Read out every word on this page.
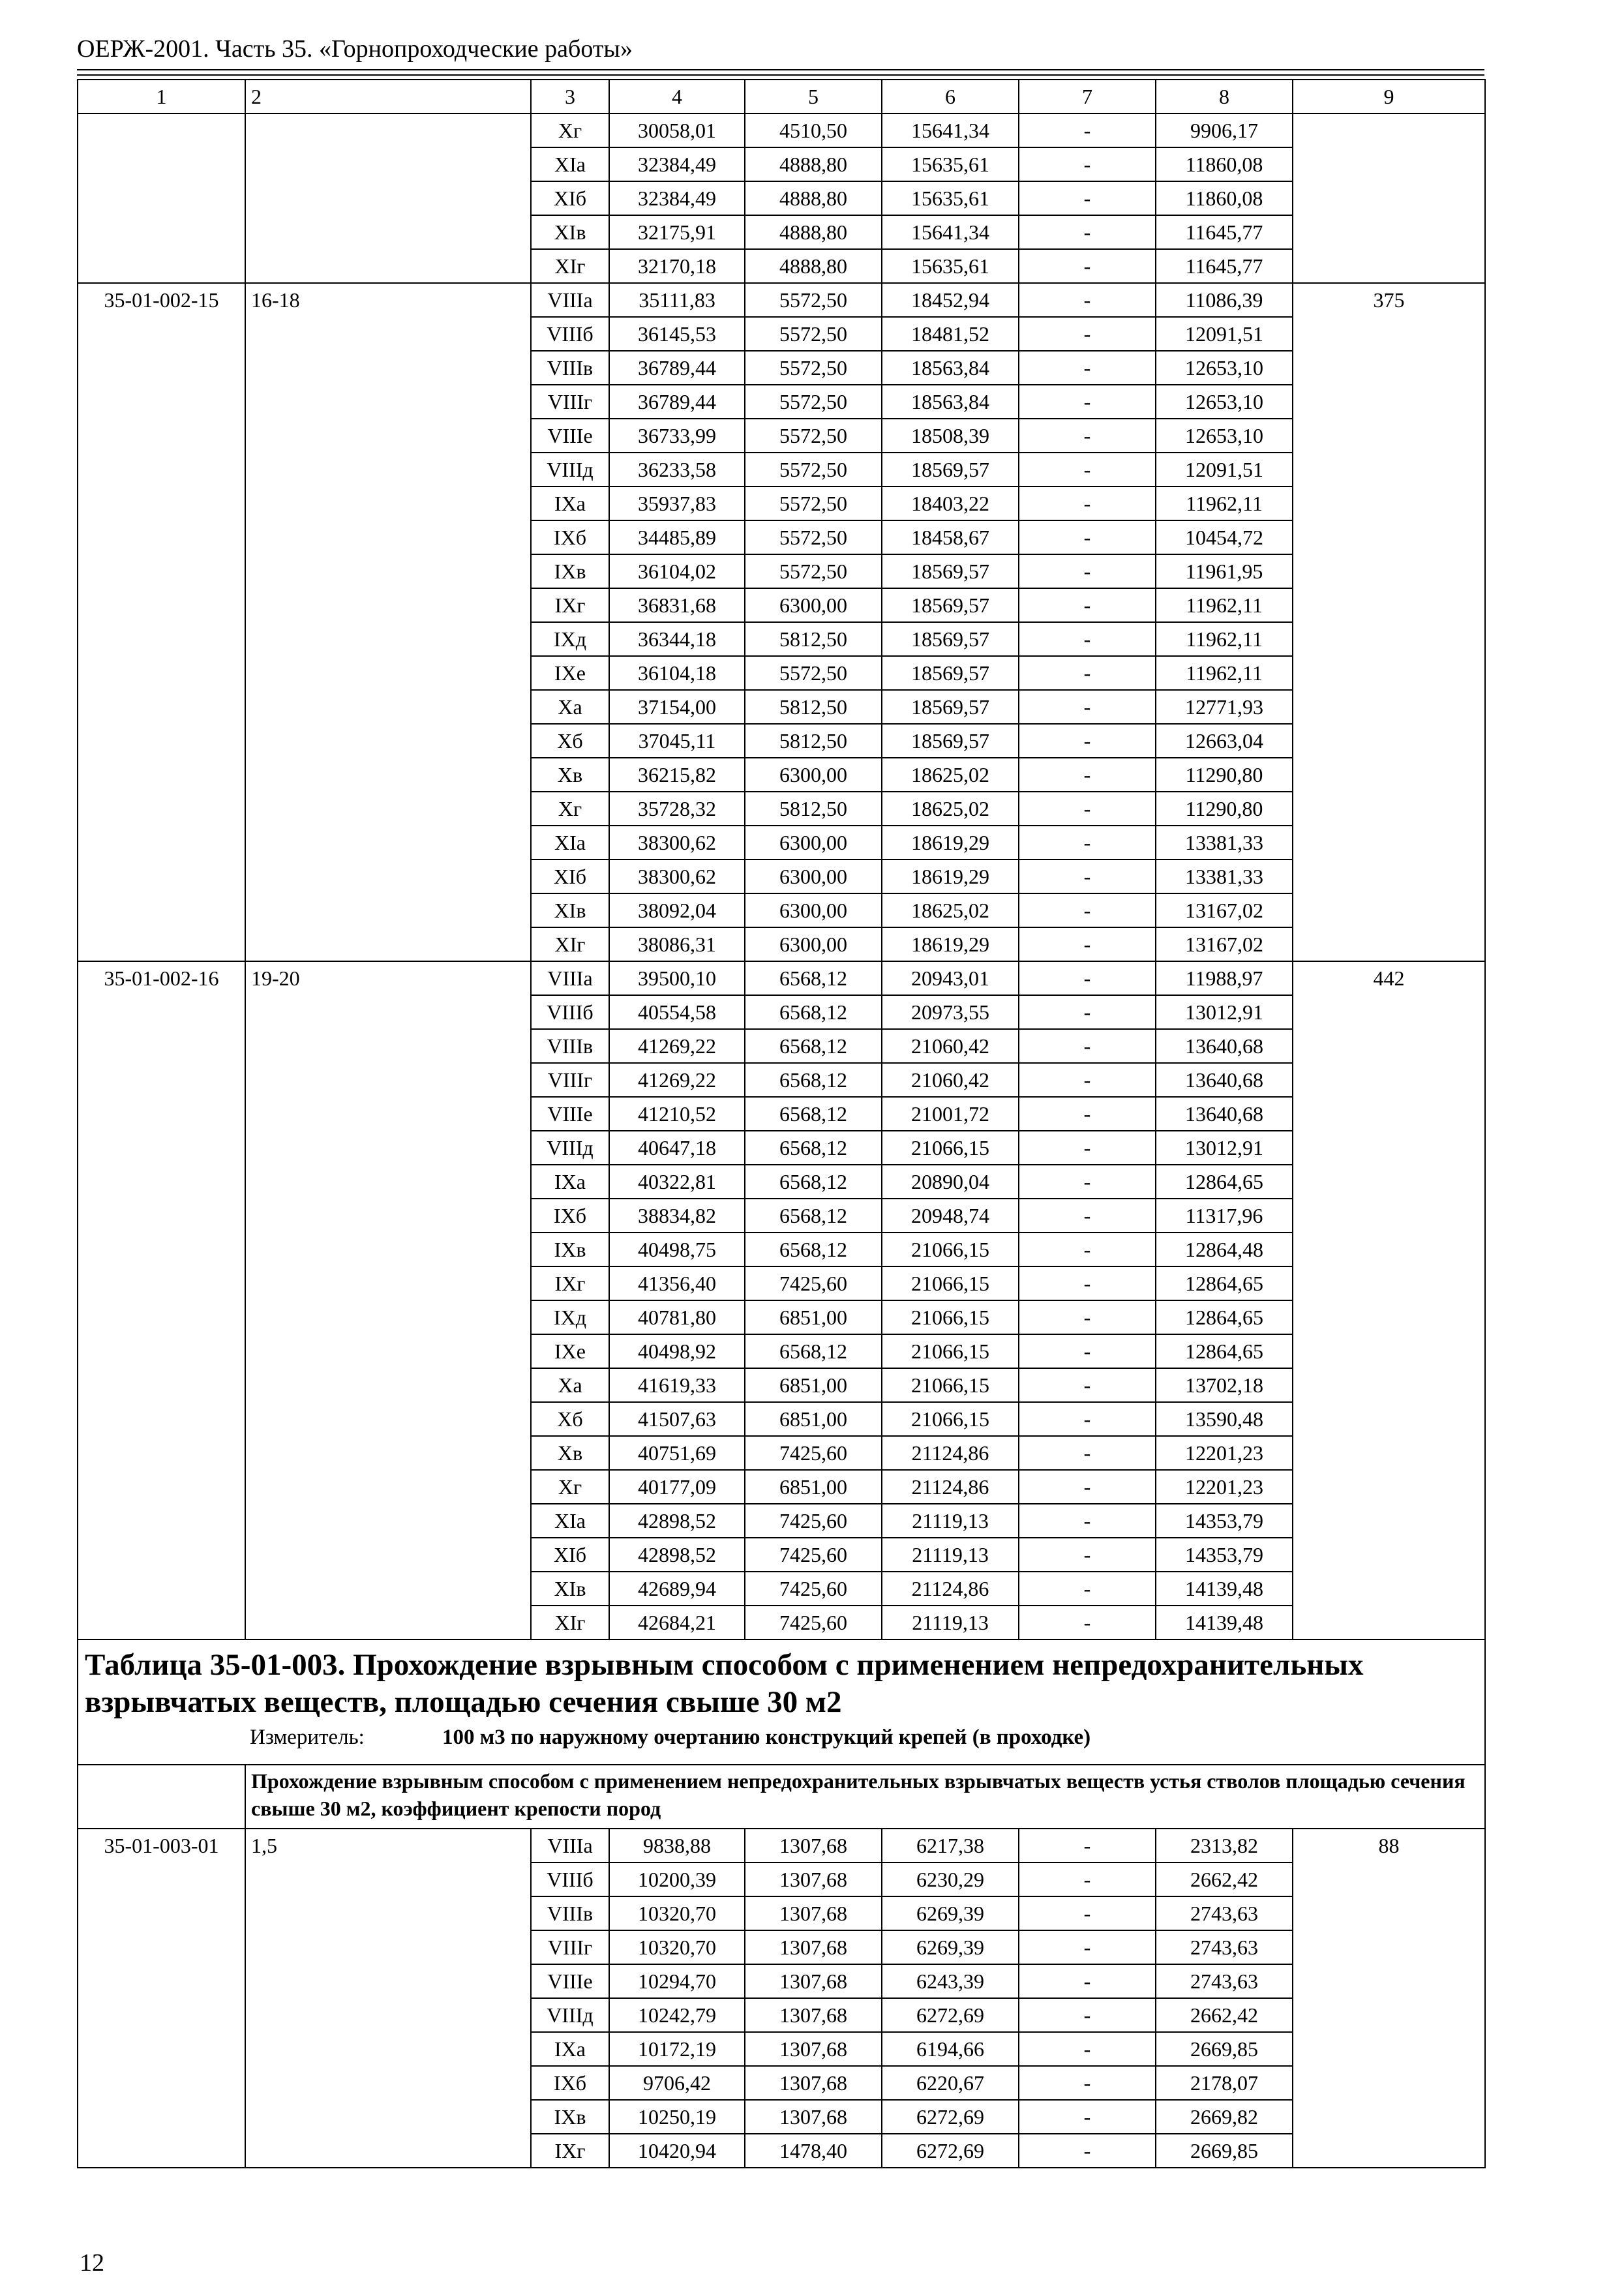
ОЕРЖ-2001. Часть 35. «Горнопроходческие работы»
1	2	3	4	5	6	7	8	9
		Xг	30058,01	4510,50	15641,34	-	9906,17	
		XIа	32384,49	4888,80	15635,61	-	11860,08	
		XIб	32384,49	4888,80	15635,61	-	11860,08	
		XIв	32175,91	4888,80	15641,34	-	11645,77	
		XIг	32170,18	4888,80	15635,61	-	11645,77	
35-01-002-15	16-18	VIIIа	35111,83	5572,50	18452,94	-	11086,39	375
		VIIIб	36145,53	5572,50	18481,52	-	12091,51	
		VIIIв	36789,44	5572,50	18563,84	-	12653,10	
		VIIIг	36789,44	5572,50	18563,84	-	12653,10	
		VIIIе	36733,99	5572,50	18508,39	-	12653,10	
		VIIIд	36233,58	5572,50	18569,57	-	12091,51	
		IXа	35937,83	5572,50	18403,22	-	11962,11	
		IXб	34485,89	5572,50	18458,67	-	10454,72	
		IXв	36104,02	5572,50	18569,57	-	11961,95	
		IXг	36831,68	6300,00	18569,57	-	11962,11	
		IXд	36344,18	5812,50	18569,57	-	11962,11	
		IXе	36104,18	5572,50	18569,57	-	11962,11	
		Xа	37154,00	5812,50	18569,57	-	12771,93	
		Xб	37045,11	5812,50	18569,57	-	12663,04	
		Xв	36215,82	6300,00	18625,02	-	11290,80	
		Xг	35728,32	5812,50	18625,02	-	11290,80	
		XIа	38300,62	6300,00	18619,29	-	13381,33	
		XIб	38300,62	6300,00	18619,29	-	13381,33	
		XIв	38092,04	6300,00	18625,02	-	13167,02	
		XIг	38086,31	6300,00	18619,29	-	13167,02	
35-01-002-16	19-20	VIIIа	39500,10	6568,12	20943,01	-	11988,97	442
		VIIIб	40554,58	6568,12	20973,55	-	13012,91	
		VIIIв	41269,22	6568,12	21060,42	-	13640,68	
		VIIIг	41269,22	6568,12	21060,42	-	13640,68	
		VIIIе	41210,52	6568,12	21001,72	-	13640,68	
		VIIIд	40647,18	6568,12	21066,15	-	13012,91	
		IXа	40322,81	6568,12	20890,04	-	12864,65	
		IXб	38834,82	6568,12	20948,74	-	11317,96	
		IXв	40498,75	6568,12	21066,15	-	12864,48	
		IXг	41356,40	7425,60	21066,15	-	12864,65	
		IXд	40781,80	6851,00	21066,15	-	12864,65	
		IXе	40498,92	6568,12	21066,15	-	12864,65	
		Xа	41619,33	6851,00	21066,15	-	13702,18	
		Xб	41507,63	6851,00	21066,15	-	13590,48	
		Xв	40751,69	7425,60	21124,86	-	12201,23	
		Xг	40177,09	6851,00	21124,86	-	12201,23	
		XIа	42898,52	7425,60	21119,13	-	14353,79	
		XIб	42898,52	7425,60	21119,13	-	14353,79	
		XIв	42689,94	7425,60	21124,86	-	14139,48	
		XIг	42684,21	7425,60	21119,13	-	14139,48	

Таблица 35-01-003. Прохождение взрывным способом с применением непредохранительных взрывчатых веществ, площадью сечения свыше 30 м2
Измеритель: 100 м3 по наружному очертанию конструкций крепей (в проходке)								

	Прохождение взрывным способом с применением непредохранительных взрывчатых веществ устья стволов площадью сечения свыше 30 м2, коэффициент крепости пород							
35-01-003-01	1,5	VIIIа	9838,88	1307,68	6217,38	-	2313,82	88
		VIIIб	10200,39	1307,68	6230,29	-	2662,42	
		VIIIв	10320,70	1307,68	6269,39	-	2743,63	
		VIIIг	10320,70	1307,68	6269,39	-	2743,63	
		VIIIе	10294,70	1307,68	6243,39	-	2743,63	
		VIIIд	10242,79	1307,68	6272,69	-	2662,42	
		IXа	10172,19	1307,68	6194,66	-	2669,85	
		IXб	9706,42	1307,68	6220,67	-	2178,07	
		IXв	10250,19	1307,68	6272,69	-	2669,82	
		IXг	10420,94	1478,40	6272,69	-	2669,85	
12
